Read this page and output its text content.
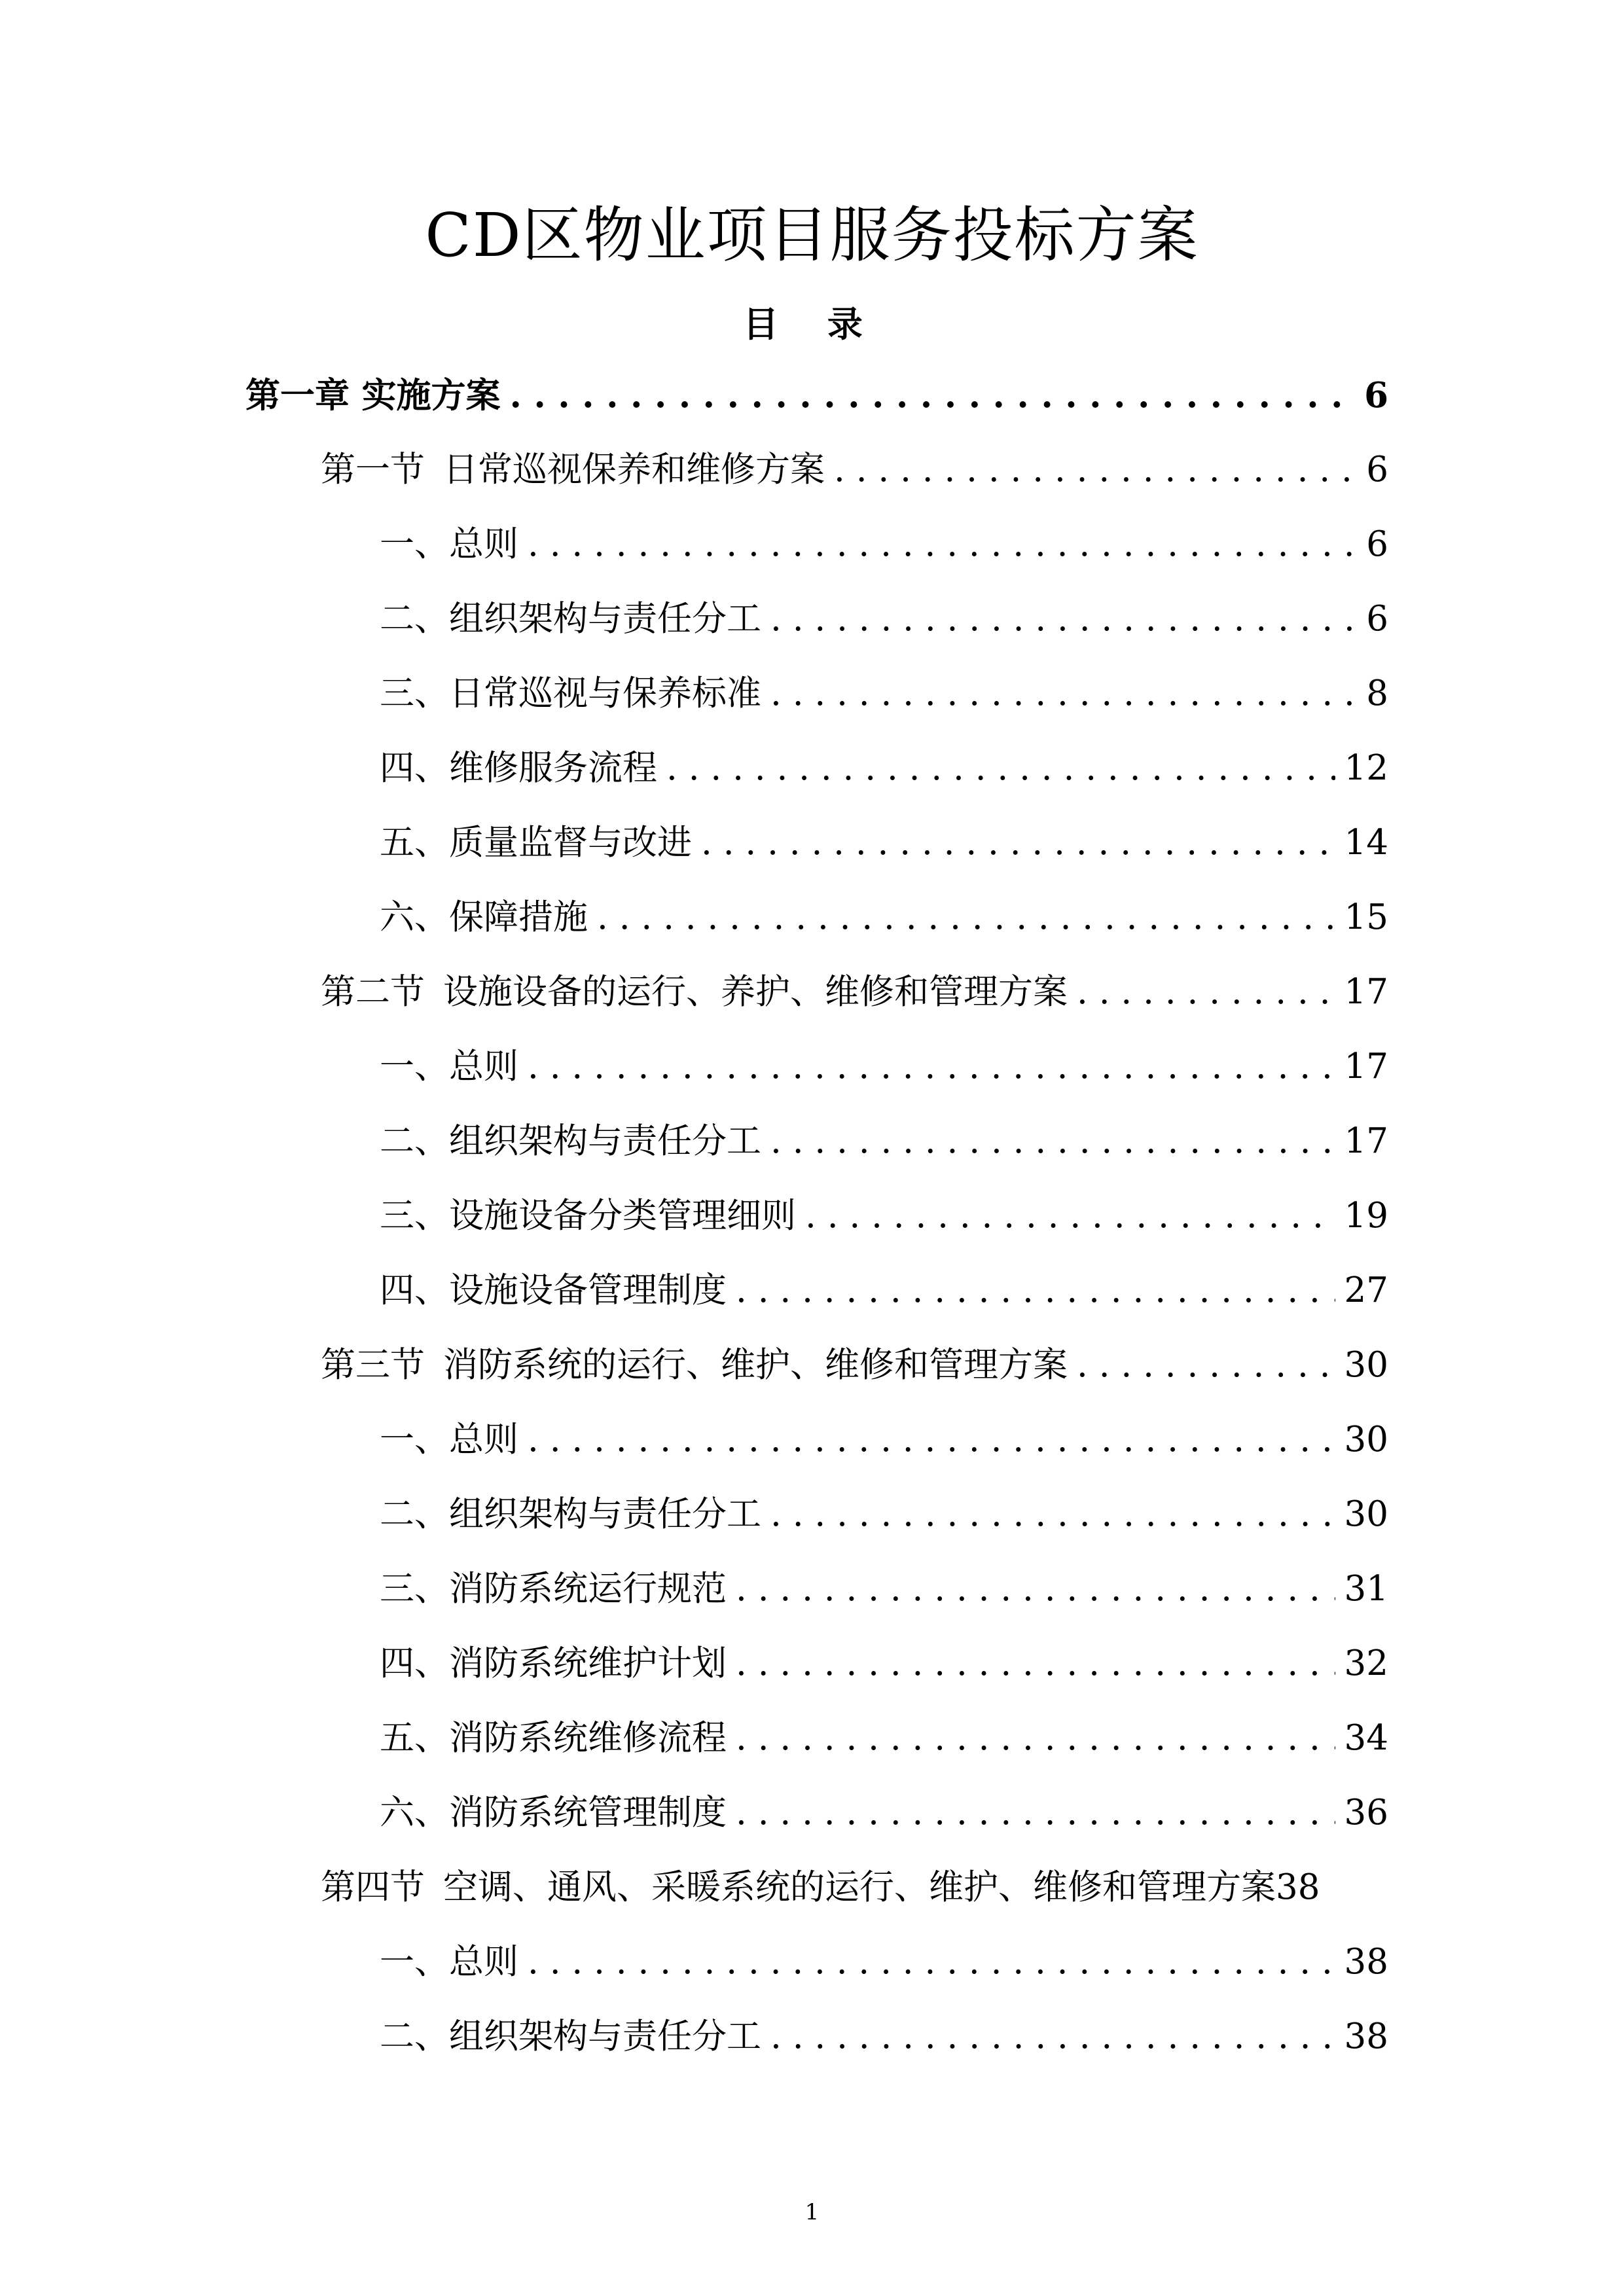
CD区物业项目服务投标方案
目 录
第一章 实施方案 . . .	6
第一节 日常巡视保养和维修方案 . . .	6
一、 总则 . . .	6
二、 组织架构与责任分工 . . .	6
三、 日常巡视与保养标准 . . .	8
四、 维修服务流程 . . .	12
五、 质量监督与改进 . . .	14
六、 保障措施 . . .	15
第二节 设施设备的运行、养护、维修和管理方案 . . .	17
一、 总则 . . .	17
二、 组织架构与责任分工 . . .	17
三、 设施设备分类管理细则 . . .	19
四、 设施设备管理制度 . . .	27
第三节 消防系统的运行、维护、维修和管理方案 . . .	30
一、 总则 . . .	30
二、 组织架构与责任分工 . . .	30
三、 消防系统运行规范 . . .	31
四、 消防系统维护计划 . . .	32
五、 消防系统维修流程 . . .	34
六、 消防系统管理制度 . . .	36
第四节 空调、通风、采暖系统的运行、维护、维修和管理方案 38
一、 总则 . . .	38
二、 组织架构与责任分工 . . .	38
1
